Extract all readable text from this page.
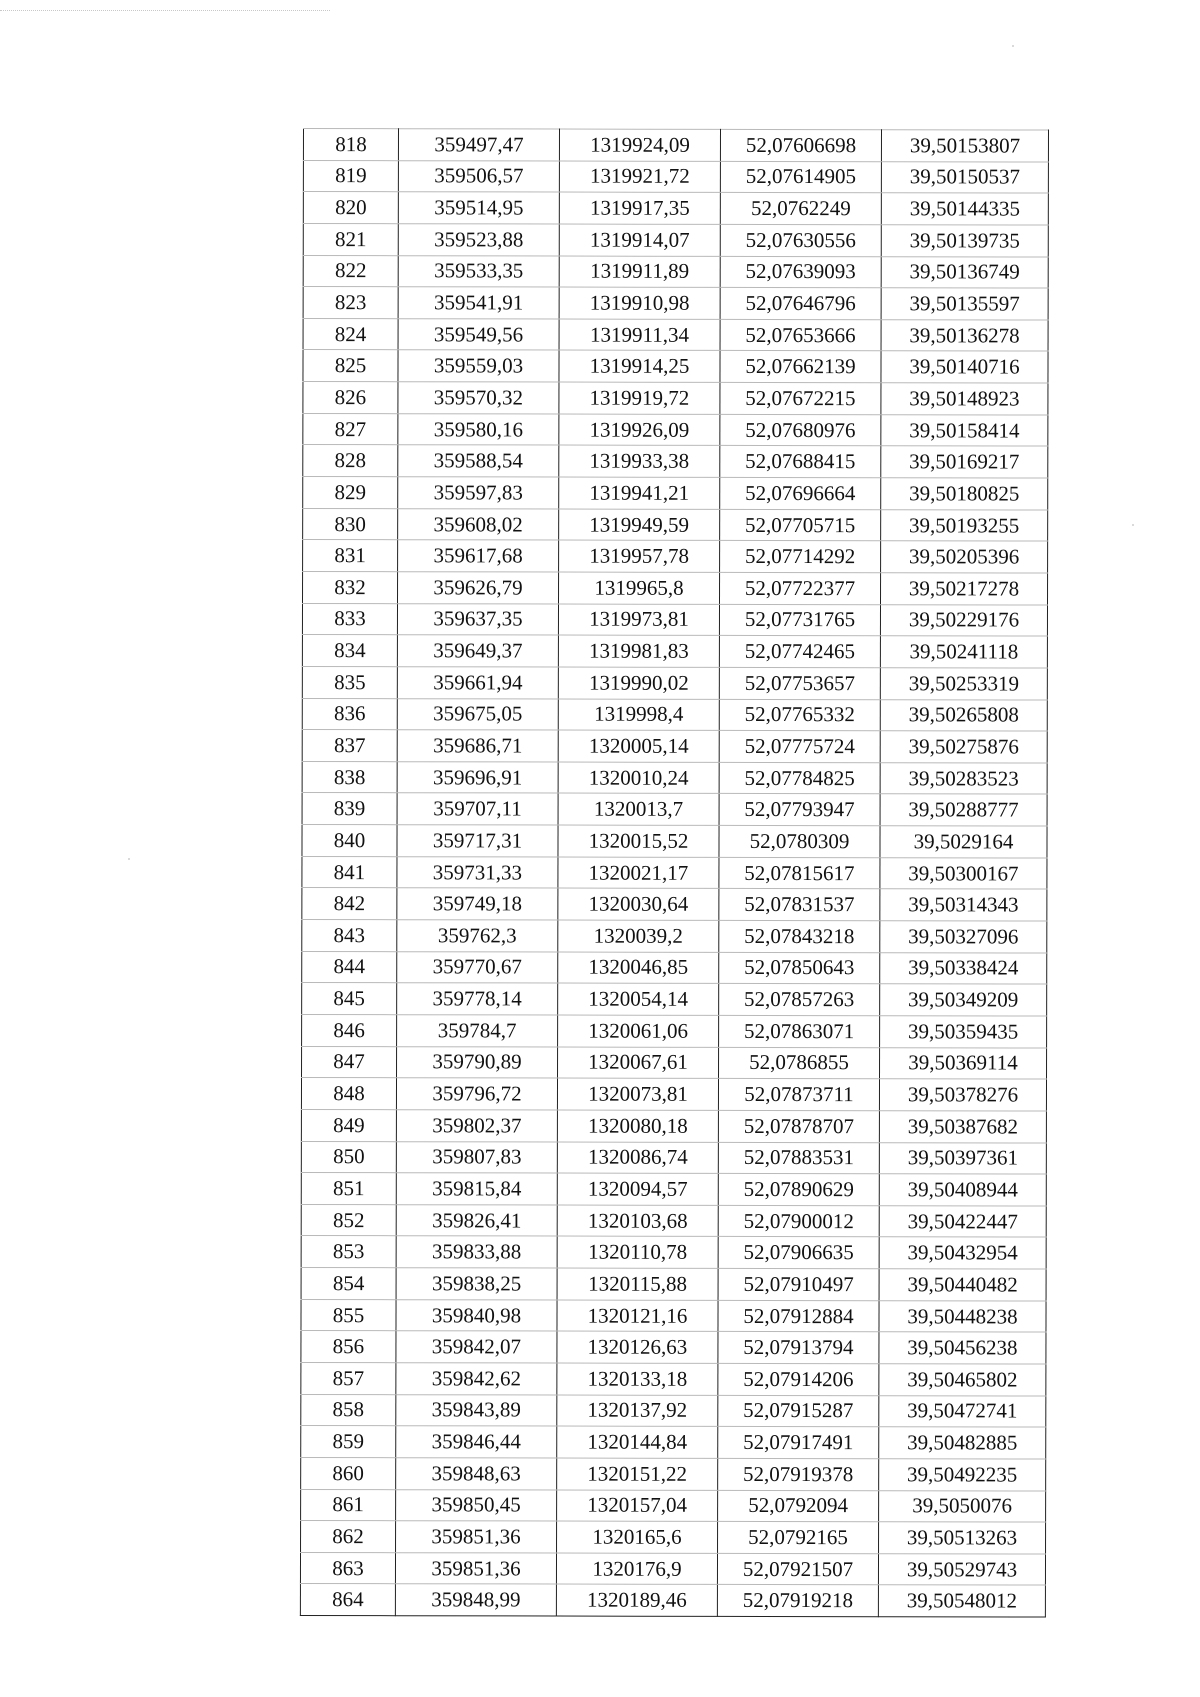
818	359497,47	1319924,09	52,07606698	39,50153807
819	359506,57	1319921,72	52,07614905	39,50150537
820	359514,95	1319917,35	52,0762249	39,50144335
821	359523,88	1319914,07	52,07630556	39,50139735
822	359533,35	1319911,89	52,07639093	39,50136749
823	359541,91	1319910,98	52,07646796	39,50135597
824	359549,56	1319911,34	52,07653666	39,50136278
825	359559,03	1319914,25	52,07662139	39,50140716
826	359570,32	1319919,72	52,07672215	39,50148923
827	359580,16	1319926,09	52,07680976	39,50158414
828	359588,54	1319933,38	52,07688415	39,50169217
829	359597,83	1319941,21	52,07696664	39,50180825
830	359608,02	1319949,59	52,07705715	39,50193255
831	359617,68	1319957,78	52,07714292	39,50205396
832	359626,79	1319965,8	52,07722377	39,50217278
833	359637,35	1319973,81	52,07731765	39,50229176
834	359649,37	1319981,83	52,07742465	39,50241118
835	359661,94	1319990,02	52,07753657	39,50253319
836	359675,05	1319998,4	52,07765332	39,50265808
837	359686,71	1320005,14	52,07775724	39,50275876
838	359696,91	1320010,24	52,07784825	39,50283523
839	359707,11	1320013,7	52,07793947	39,50288777
840	359717,31	1320015,52	52,0780309	39,5029164
841	359731,33	1320021,17	52,07815617	39,50300167
842	359749,18	1320030,64	52,07831537	39,50314343
843	359762,3	1320039,2	52,07843218	39,50327096
844	359770,67	1320046,85	52,07850643	39,50338424
845	359778,14	1320054,14	52,07857263	39,50349209
846	359784,7	1320061,06	52,07863071	39,50359435
847	359790,89	1320067,61	52,0786855	39,50369114
848	359796,72	1320073,81	52,07873711	39,50378276
849	359802,37	1320080,18	52,07878707	39,50387682
850	359807,83	1320086,74	52,07883531	39,50397361
851	359815,84	1320094,57	52,07890629	39,50408944
852	359826,41	1320103,68	52,07900012	39,50422447
853	359833,88	1320110,78	52,07906635	39,50432954
854	359838,25	1320115,88	52,07910497	39,50440482
855	359840,98	1320121,16	52,07912884	39,50448238
856	359842,07	1320126,63	52,07913794	39,50456238
857	359842,62	1320133,18	52,07914206	39,50465802
858	359843,89	1320137,92	52,07915287	39,50472741
859	359846,44	1320144,84	52,07917491	39,50482885
860	359848,63	1320151,22	52,07919378	39,50492235
861	359850,45	1320157,04	52,0792094	39,5050076
862	359851,36	1320165,6	52,0792165	39,50513263
863	359851,36	1320176,9	52,07921507	39,50529743
864	359848,99	1320189,46	52,07919218	39,50548012
